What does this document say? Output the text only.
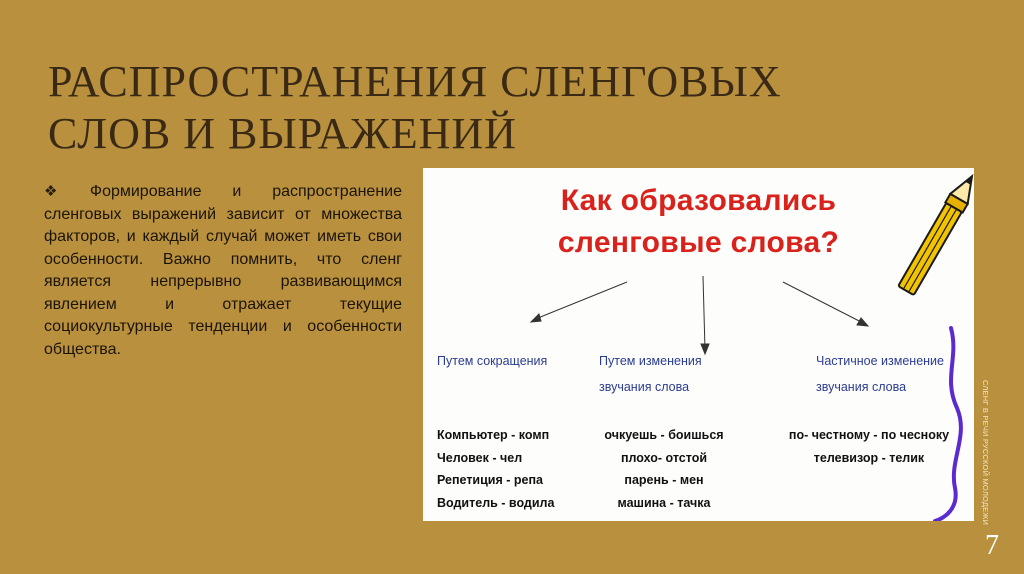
РАСПРОСТРАНЕНИЯ СЛЕНГОВЫХ
СЛОВ И ВЫРАЖЕНИЙ
❖ Формирование и распространение сленговых выражений зависит от множества факторов, и каждый случай может иметь свои особенности. Важно помнить, что сленг является непрерывно развивающимся явлением и отражает текущие социокультурные тенденции и особенности общества.
Как образовались
сленговые слова?
Путем сокращения	Путем изменения
звучания слова
Частичное изменение
звучания слова
Компьютер - комп
Человек - чел
Репетиция - репа
Водитель - водила
очкуешь - боишься
плохо- отстой
парень - мен
машина - тачка
по- честному - по чесноку
телевизор - телик	СЛЕНГ В РЕЧИ РУССКОЙ МОЛОДЕЖИ
7
